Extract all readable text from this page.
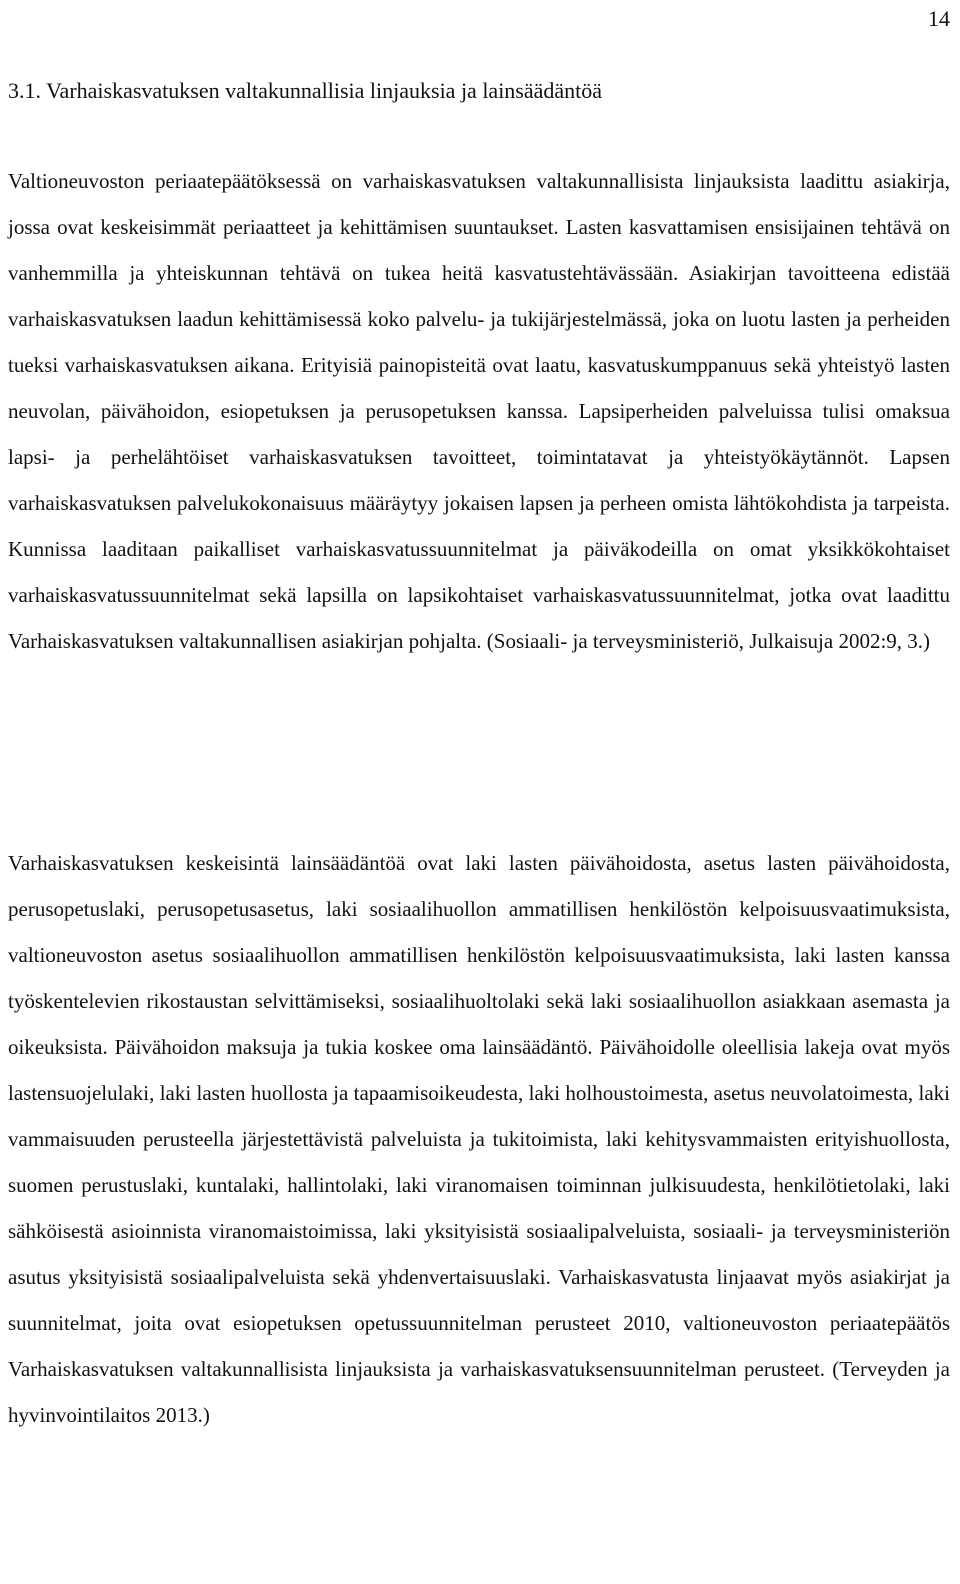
14
3.1. Varhaiskasvatuksen valtakunnallisia linjauksia ja lainsäädäntöä

Valtioneuvoston periaatepäätöksessä on varhaiskasvatuksen valtakunnallisista linjauksista laadittu asiakirja, jossa ovat keskeisimmät periaatteet ja kehittämisen suuntaukset. Lasten kasvattamisen ensisijainen tehtävä on vanhemmilla ja yhteiskunnan tehtävä on tukea heitä kasvatustehtävässään. Asiakirjan tavoitteena edistää varhaiskasvatuksen laadun kehittämisessä koko palvelu- ja tukijärjestelmässä, joka on luotu lasten ja perheiden tueksi varhaiskasvatuksen aikana. Erityisiä painopisteitä ovat laatu, kasvatuskumppanuus sekä yhteistyö lasten neuvolan, päivähoidon, esiopetuksen ja perusopetuksen kanssa. Lapsiperheiden palveluissa tulisi omaksua lapsi- ja perhelähtöiset varhaiskasvatuksen tavoitteet, toimintatavat ja yhteistyökäytännöt. Lapsen varhaiskasvatuksen palvelukokonaisuus määräytyy jokaisen lapsen ja perheen omista lähtökohdista ja tarpeista. Kunnissa laaditaan paikalliset varhaiskasvatussuunnitelmat ja päiväkodeilla on omat yksikkökohtaiset varhaiskasvatussuunnitelmat sekä lapsilla on lapsikohtaiset varhaiskasvatussuunnitelmat, jotka ovat laadittu Varhaiskasvatuksen valtakunnallisen asiakirjan pohjalta. (Sosiaali- ja terveysministeriö, Julkaisuja 2002:9, 3.)

Varhaiskasvatuksen keskeisintä lainsäädäntöä ovat laki lasten päivähoidosta, asetus lasten päivähoidosta, perusopetuslaki, perusopetusasetus, laki sosiaalihuollon ammatillisen henkilöstön kelpoisuusvaatimuksista, valtioneuvoston asetus sosiaalihuollon ammatillisen henkilöstön kelpoisuusvaatimuksista, laki lasten kanssa työskentelevien rikostaustan selvittämiseksi, sosiaalihuoltolaki sekä laki sosiaalihuollon asiakkaan asemasta ja oikeuksista. Päivähoidon maksuja ja tukia koskee oma lainsäädäntö. Päivähoidolle oleellisia lakeja ovat myös lastensuojelulaki, laki lasten huollosta ja tapaamisoikeudesta, laki holhoustoimesta, asetus neuvolatoimesta, laki vammaisuuden perusteella järjestettävistä palveluista ja tukitoimista, laki kehitysvammaisten erityishuollosta, suomen perustuslaki, kuntalaki, hallintolaki, laki viranomaisen toiminnan julkisuudesta, henkilötietolaki, laki sähköisestä asioinnista viranomaistoimissa, laki yksityisistä sosiaalipalveluista, sosiaali- ja terveysministeriön asutus yksityisistä sosiaalipalveluista sekä yhdenvertaisuuslaki. Varhaiskasvatusta linjaavat myös asiakirjat ja suunnitelmat, joita ovat esiopetuksen opetussuunnitelman perusteet 2010, valtioneuvoston periaatepäätös Varhaiskasvatuksen valtakunnallisista linjauksista ja varhaiskasvatuksensuunnitelman perusteet. (Terveyden ja hyvinvointilaitos 2013.)
